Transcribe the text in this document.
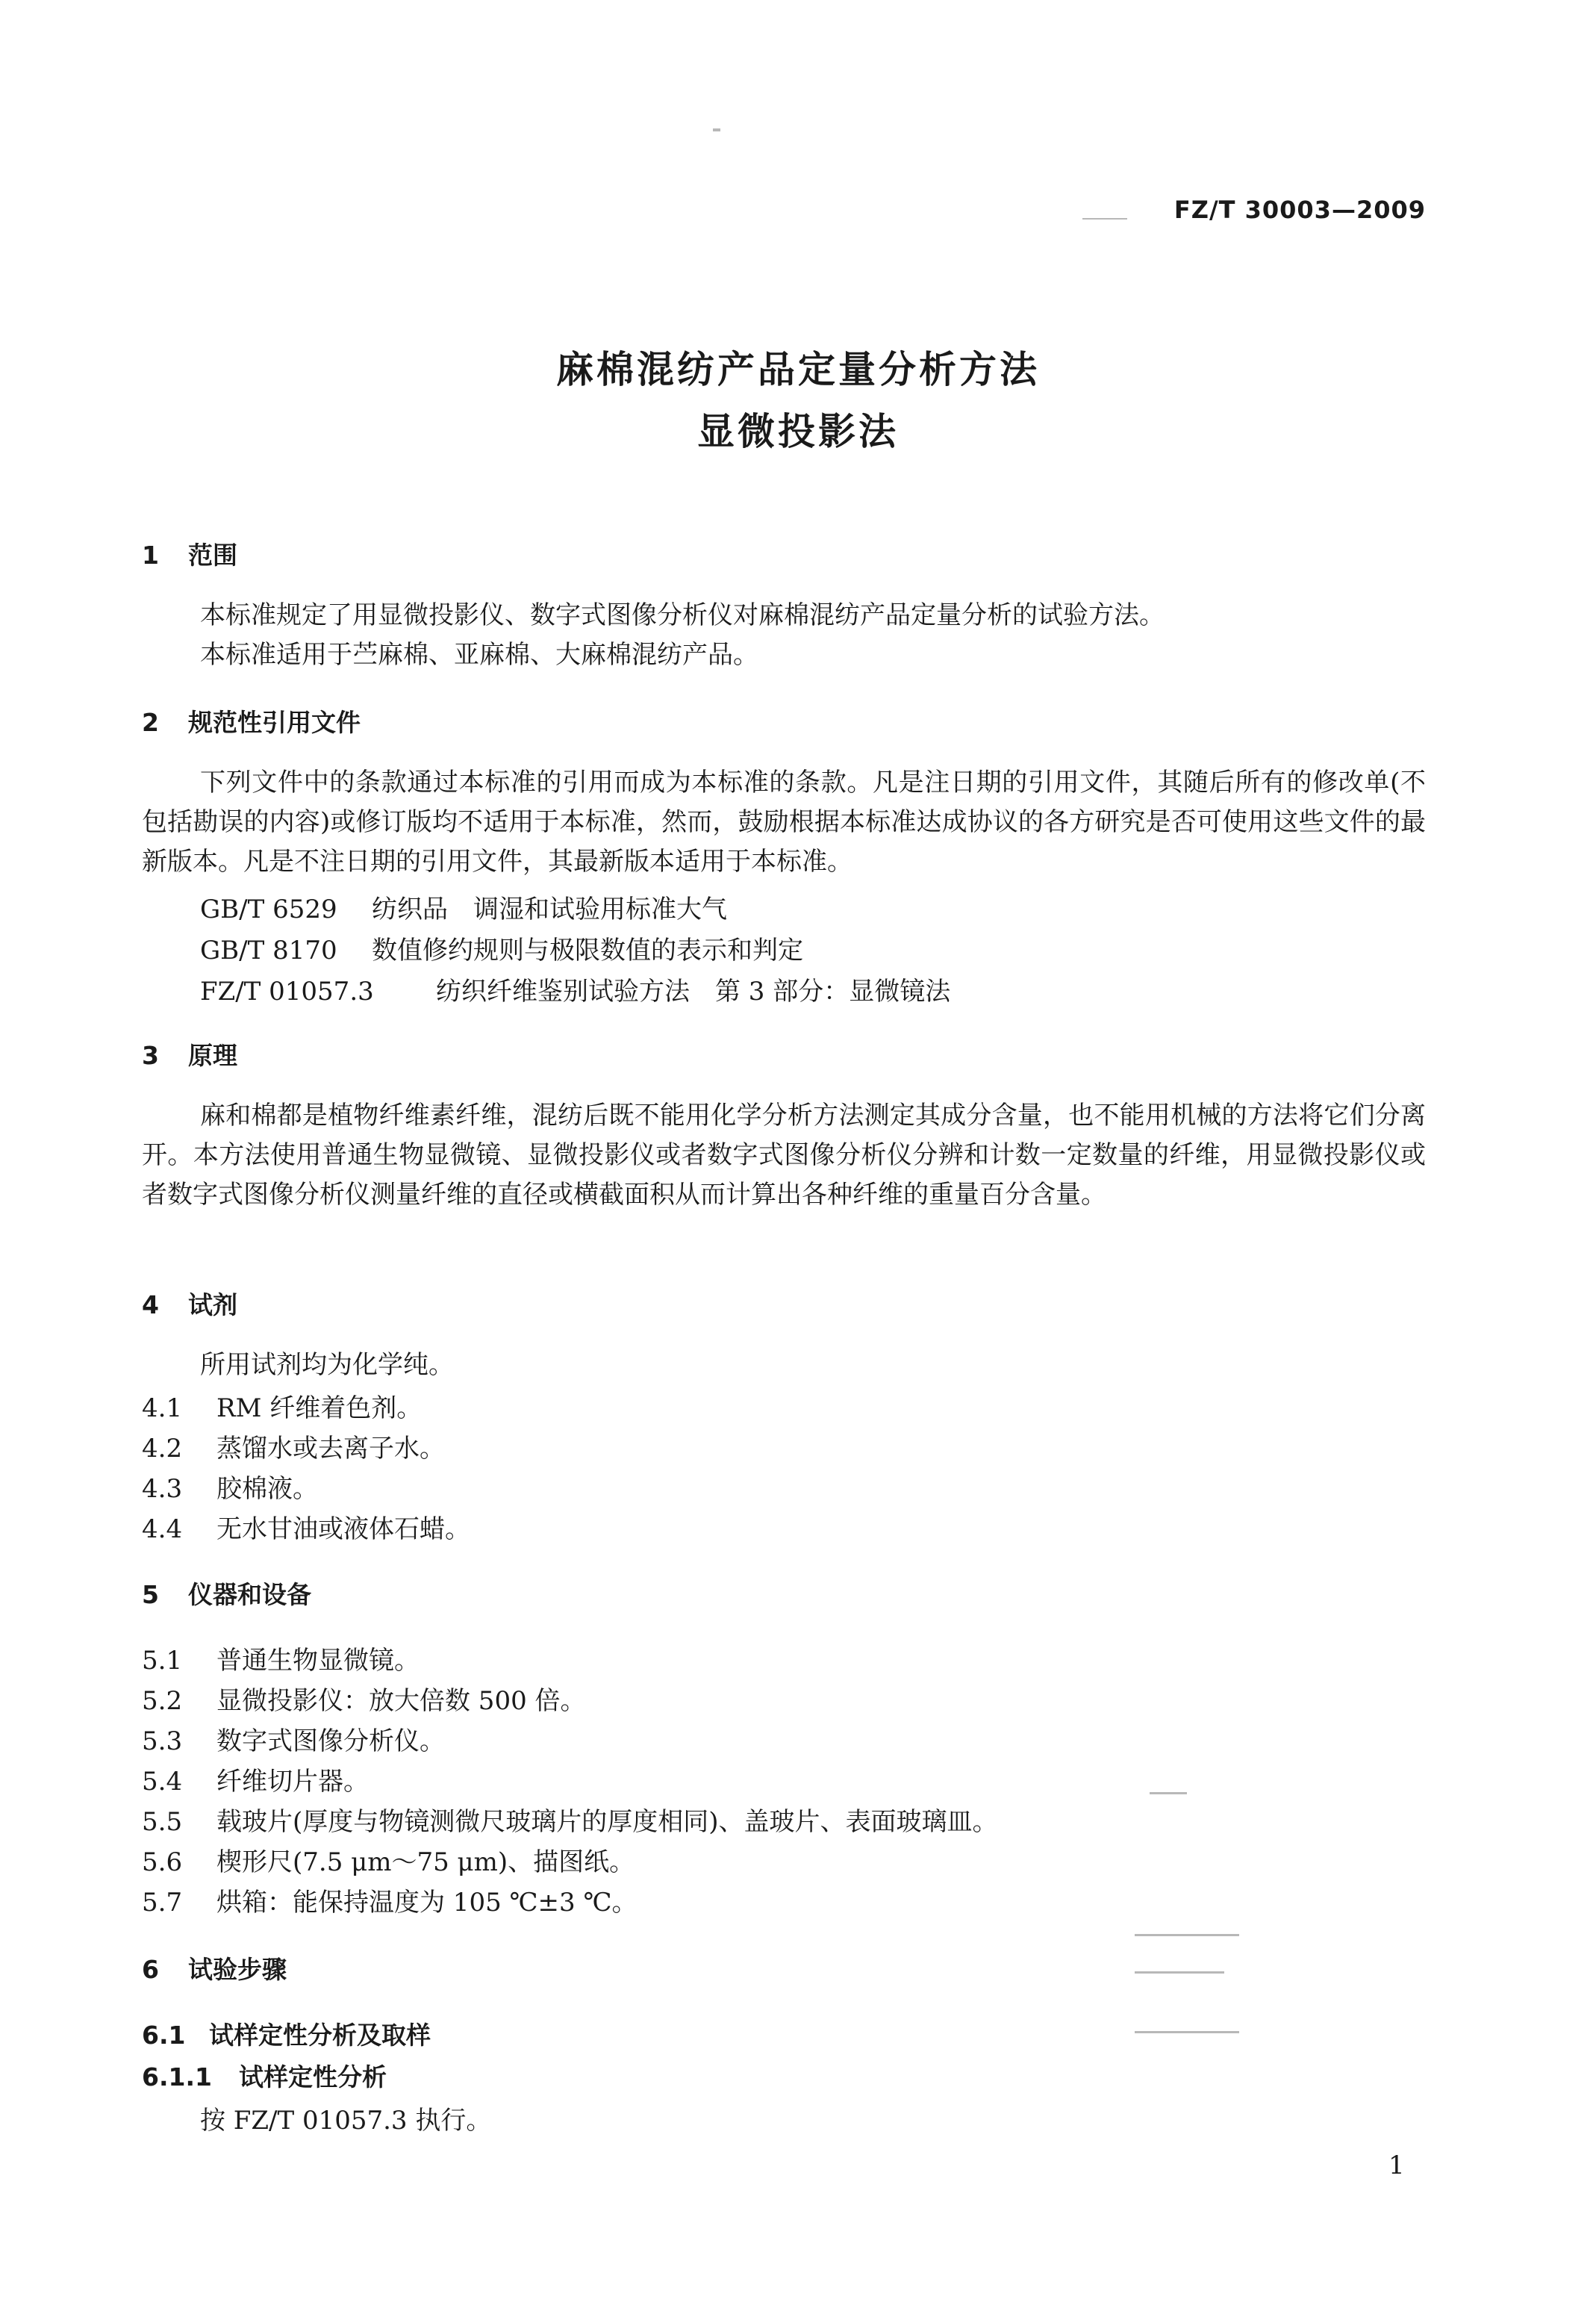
FZ/T 30003—2009
麻棉混纺产品定量分析方法
显微投影法
1 范围
本标准规定了用显微投影仪、数字式图像分析仪对麻棉混纺产品定量分析的试验方法。
本标准适用于苎麻棉、亚麻棉、大麻棉混纺产品。
2 规范性引用文件
下列文件中的条款通过本标准的引用而成为本标准的条款。凡是注日期的引用文件，其随后所有的修改单(不包括勘误的内容)或修订版均不适用于本标准，然而，鼓励根据本标准达成协议的各方研究是否可使用这些文件的最新版本。凡是不注日期的引用文件，其最新版本适用于本标准。
GB/T 6529 纺织品　调湿和试验用标准大气
GB/T 8170 数值修约规则与极限数值的表示和判定
FZ/T 01057.3 纺织纤维鉴别试验方法　第 3 部分：显微镜法
3 原理
麻和棉都是植物纤维素纤维，混纺后既不能用化学分析方法测定其成分含量，也不能用机械的方法将它们分离开。本方法使用普通生物显微镜、显微投影仪或者数字式图像分析仪分辨和计数一定数量的纤维，用显微投影仪或者数字式图像分析仪测量纤维的直径或横截面积从而计算出各种纤维的重量百分含量。
4 试剂
所用试剂均为化学纯。
4.1 RM 纤维着色剂。
4.2 蒸馏水或去离子水。
4.3 胶棉液。
4.4 无水甘油或液体石蜡。
5 仪器和设备
5.1 普通生物显微镜。
5.2 显微投影仪：放大倍数 500 倍。
5.3 数字式图像分析仪。
5.4 纤维切片器。
5.5 载玻片(厚度与物镜测微尺玻璃片的厚度相同)、盖玻片、表面玻璃皿。
5.6 楔形尺(7.5 μm～75 μm)、描图纸。
5.7 烘箱：能保持温度为 105 ℃±3 ℃。
6 试验步骤
6.1 试样定性分析及取样
6.1.1 试样定性分析
按 FZ/T 01057.3 执行。
1
